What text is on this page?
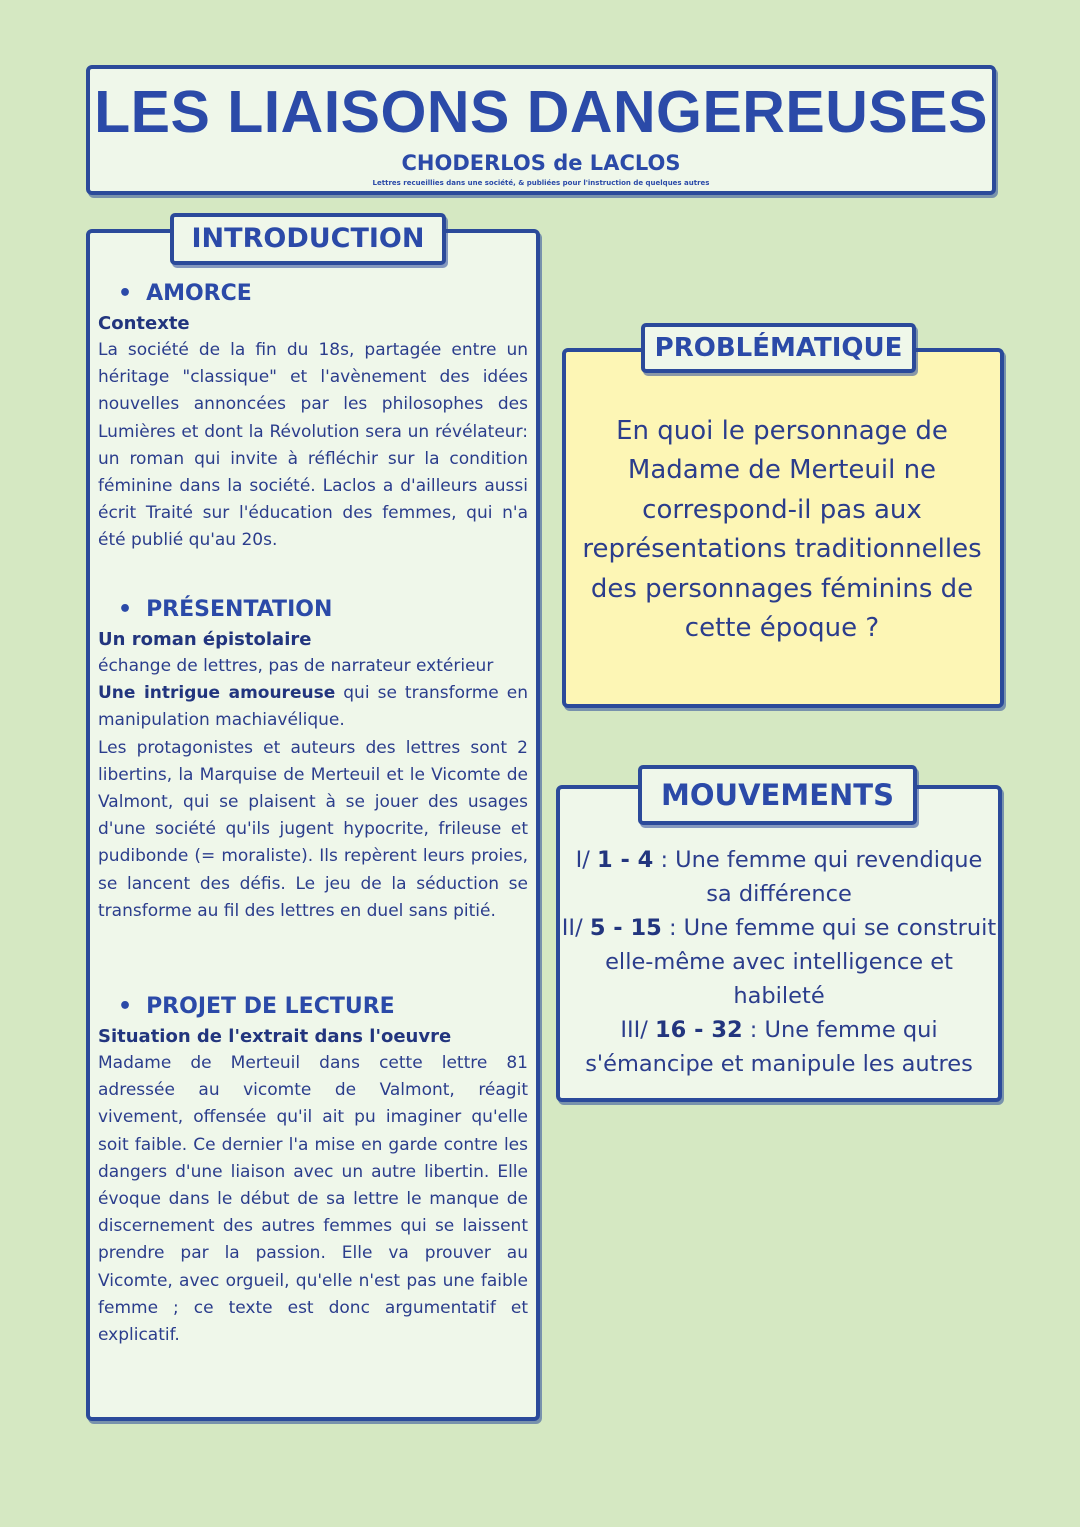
LES LIAISONS DANGEREUSES
CHODERLOS de LACLOS
Lettres recueillies dans une société, & publiées pour l'instruction de quelques autres
INTRODUCTION
• AMORCE
Contexte
La société de la fin du 18s, partagée entre un héritage "classique" et l'avènement des idées nouvelles annoncées par les philosophes des Lumières et dont la Révolution sera un révélateur: un roman qui invite à réfléchir sur la condition féminine dans la société. Laclos a d'ailleurs aussi écrit Traité sur l'éducation des femmes, qui n'a été publié qu'au 20s.
• PRÉSENTATION
Un roman épistolaire
échange de lettres, pas de narrateur extérieur
Une intrigue amoureuse qui se transforme en manipulation machiavélique.
Les protagonistes et auteurs des lettres sont 2 libertins, la Marquise de Merteuil et le Vicomte de Valmont, qui se plaisent à se jouer des usages d'une société qu'ils jugent hypocrite, frileuse et pudibonde (= moraliste). Ils repèrent leurs proies, se lancent des défis. Le jeu de la séduction se transforme au fil des lettres en duel sans pitié.
• PROJET DE LECTURE
Situation de l'extrait dans l'oeuvre
Madame de Merteuil dans cette lettre 81 adressée au vicomte de Valmont, réagit vivement, offensée qu'il ait pu imaginer qu'elle soit faible. Ce dernier l'a mise en garde contre les dangers d'une liaison avec un autre libertin. Elle évoque dans le début de sa lettre le manque de discernement des autres femmes qui se laissent prendre par la passion. Elle va prouver au Vicomte, avec orgueil, qu'elle n'est pas une faible femme ; ce texte est donc argumentatif et explicatif.
PROBLÉMATIQUE
En quoi le personnage de Madame de Merteuil ne correspond-il pas aux représentations traditionnelles des personnages féminins de cette époque ?
MOUVEMENTS
I/ 1 - 4 : Une femme qui revendique sa différence
II/ 5 - 15 : Une femme qui se construit elle-même avec intelligence et habileté
III/ 16 - 32 : Une femme qui s'émancipe et manipule les autres
